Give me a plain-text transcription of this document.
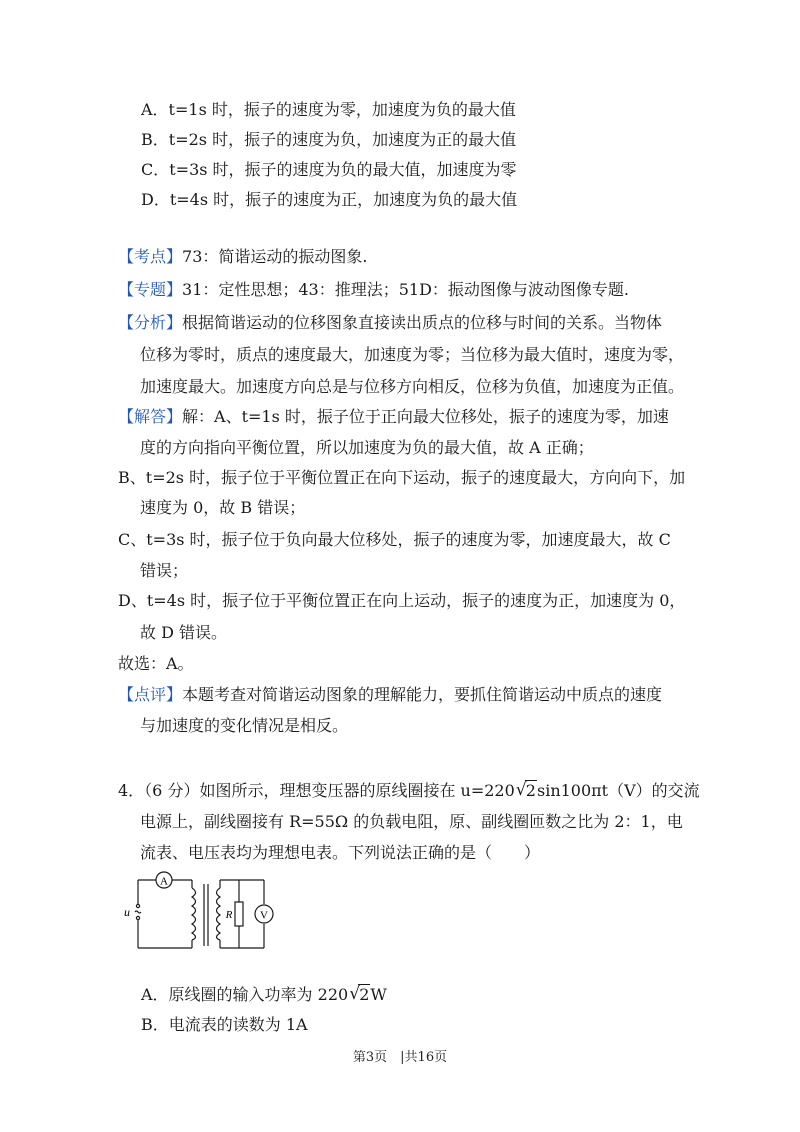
A．t=1s 时，振子的速度为零，加速度为负的最大值
B．t=2s 时，振子的速度为负，加速度为正的最大值
C．t=3s 时，振子的速度为负的最大值，加速度为零
D．t=4s 时，振子的速度为正，加速度为负的最大值
【考点】73：简谐运动的振动图象.
【专题】31：定性思想；43：推理法；51D：振动图像与波动图像专题.
【分析】根据简谐运动的位移图象直接读出质点的位移与时间的关系。当物体
位移为零时，质点的速度最大，加速度为零；当位移为最大值时，速度为零，
加速度最大。加速度方向总是与位移方向相反，位移为负值，加速度为正值。
【解答】解：A、t=1s 时，振子位于正向最大位移处，振子的速度为零，加速
度的方向指向平衡位置，所以加速度为负的最大值，故 A 正确；
B、t=2s 时，振子位于平衡位置正在向下运动，振子的速度最大，方向向下，加
速度为 0，故 B 错误；
C、t=3s 时，振子位于负向最大位移处，振子的速度为零，加速度最大，故 C
错误；
D、t=4s 时，振子位于平衡位置正在向上运动，振子的速度为正，加速度为 0，
故 D 错误。
故选：A。
【点评】本题考查对简谐运动图象的理解能力，要抓住简谐运动中质点的速度
与加速度的变化情况是相反。
4．（6 分）如图所示，理想变压器的原线圈接在 u=220 √ 2sin100πt（V）的交流
电源上，副线圈接有 R=55Ω 的负载电阻，原、副线圈匝数之比为 2：1，电
流表、电压表均为理想电表。下列说法正确的是（　　）
A
V
R
u
A．原线圈的输入功率为 220 √ 2W
B．电流表的读数为 1A
第3页　|共16页
